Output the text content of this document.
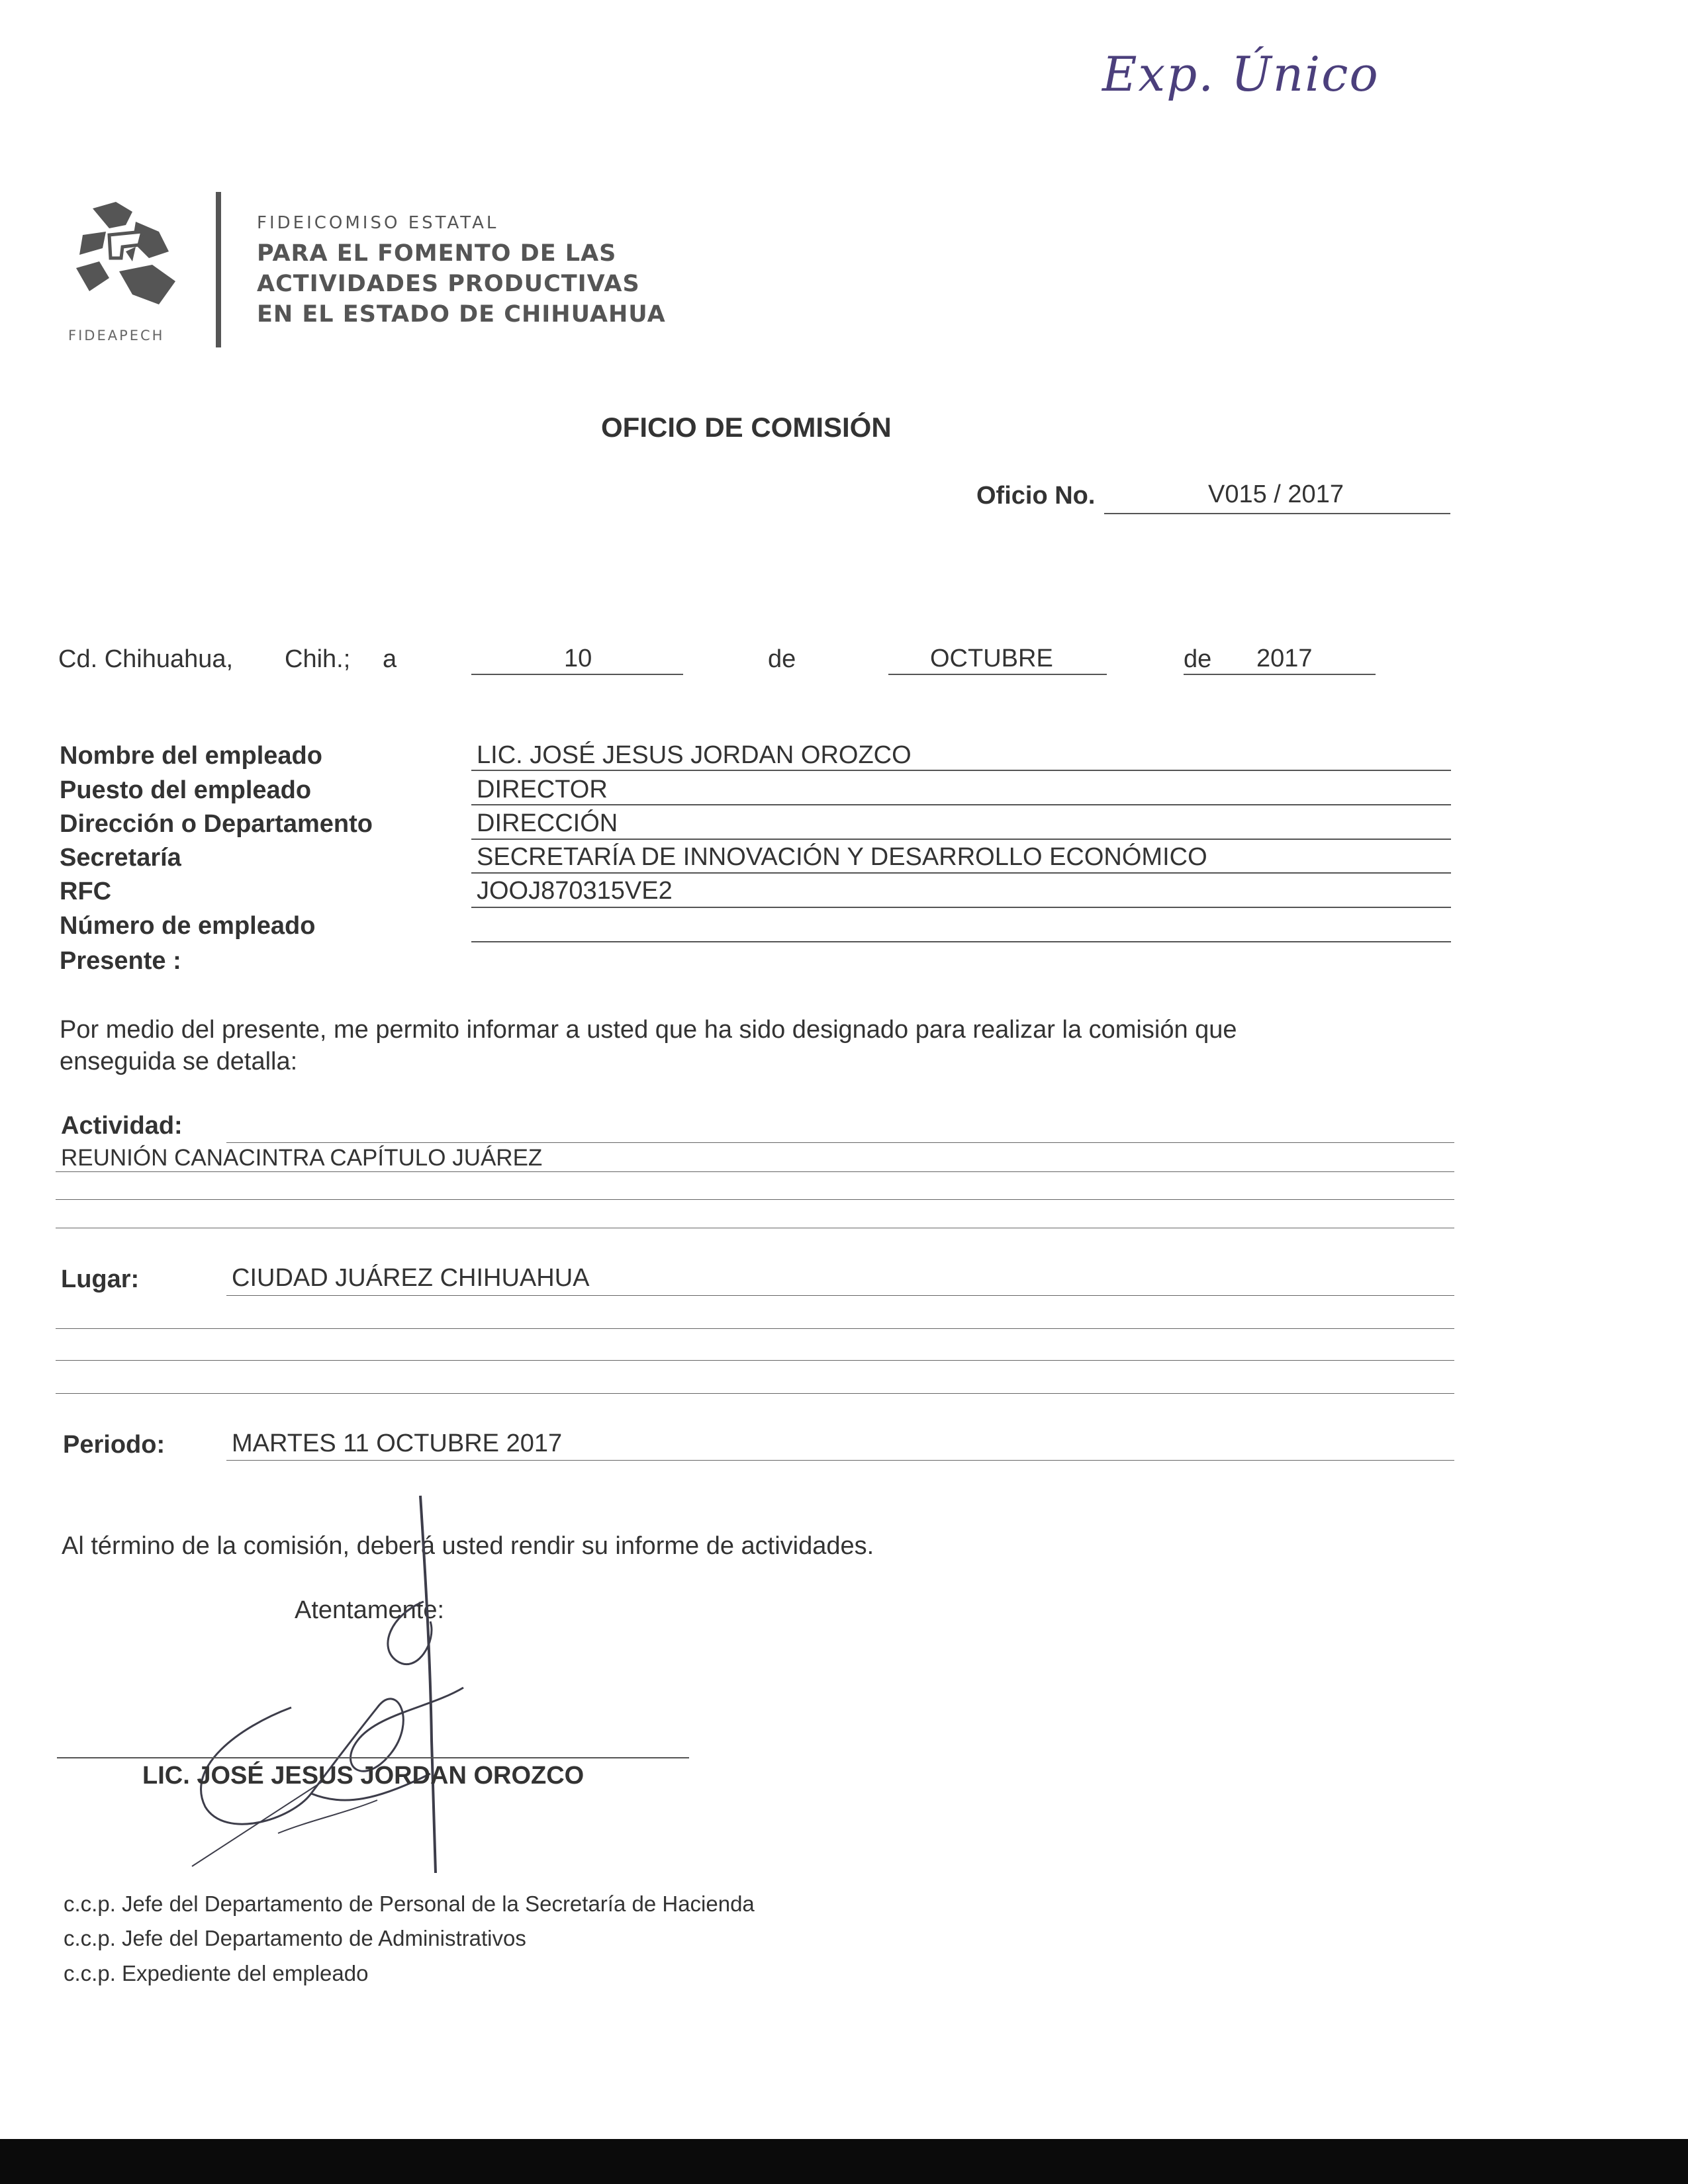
Exp. Único
FIDEAPECH
FIDEICOMISO ESTATAL
PARA EL FOMENTO DE LAS
ACTIVIDADES PRODUCTIVAS
EN EL ESTADO DE CHIHUAHUA
OFICIO DE COMISIÓN
Oficio No.	V015 / 2017
Cd. Chihuahua, Chih.; a	10	de	OCTUBRE	de 2017
Nombre del empleado	LIC. JOSÉ JESUS JORDAN OROZCO
Puesto del empleado	DIRECTOR
Dirección o Departamento	DIRECCIÓN
Secretaría	SECRETARÍA DE INNOVACIÓN Y DESARROLLO ECONÓMICO
RFC	JOOJ870315VE2
Número de empleado
Presente :
Por medio del presente, me permito informar a usted que ha sido designado para realizar la comisión que
enseguida se detalla:
Actividad:
REUNIÓN CANACINTRA CAPÍTULO JUÁREZ
Lugar:	CIUDAD JUÁREZ CHIHUAHUA
Periodo:	MARTES 11 OCTUBRE 2017
Al término de la comisión, deberá usted rendir su informe de actividades.
Atentamente:
LIC. JOSÉ JESUS JORDAN OROZCO
c.c.p. Jefe del Departamento de Personal de la Secretaría de Hacienda
c.c.p. Jefe del Departamento de Administrativos
c.c.p. Expediente del empleado
